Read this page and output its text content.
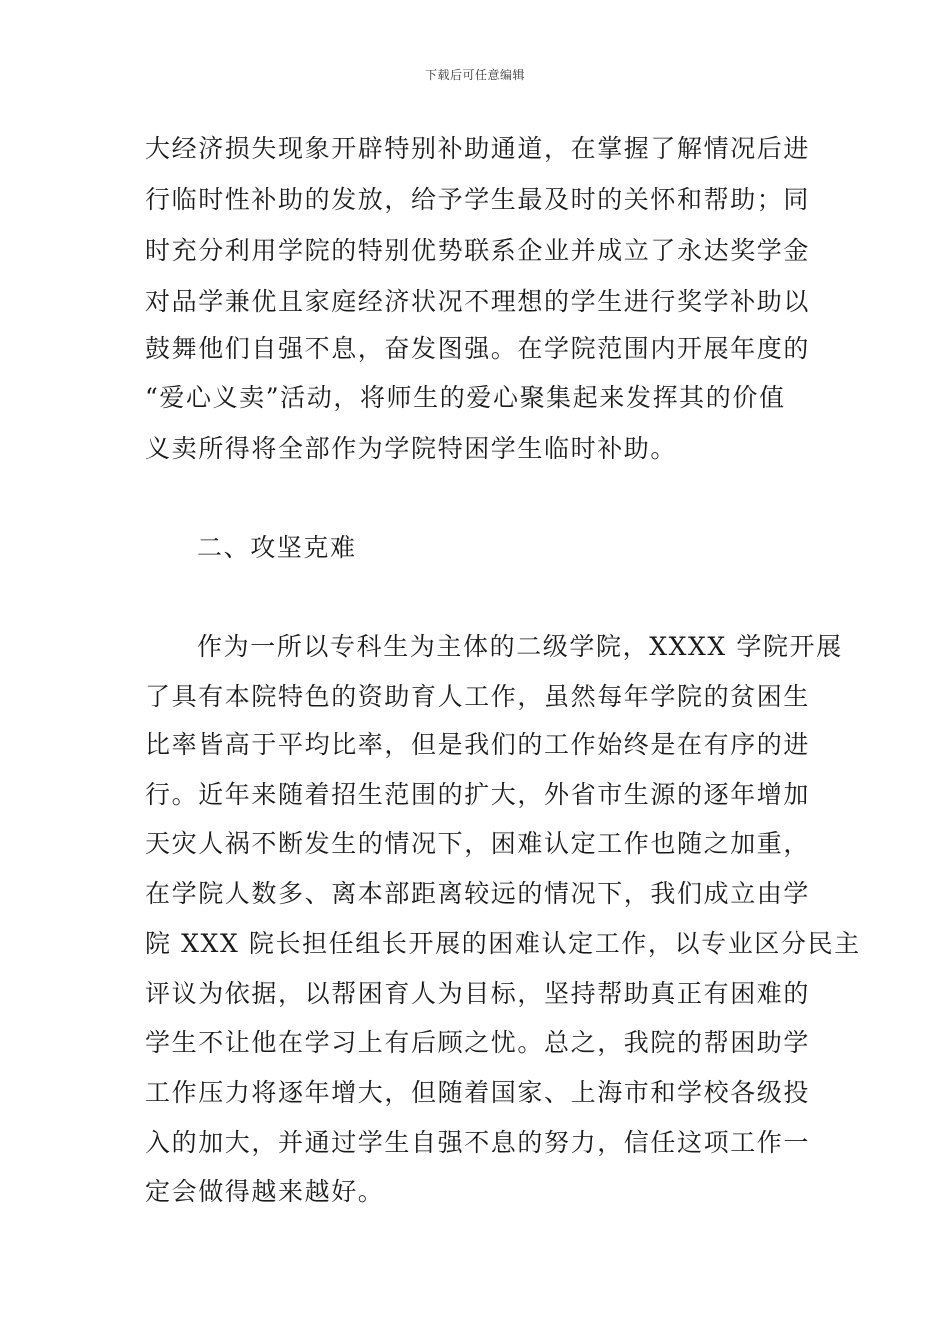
下载后可任意编辑
大经济损失现象开辟特别补助通道，在掌握了解情况后进
行临时性补助的发放，给予学生最及时的关怀和帮助；同
时充分利用学院的特别优势联系企业并成立了永达奖学金
对品学兼优且家庭经济状况不理想的学生进行奖学补助以
鼓舞他们自强不息，奋发图强。在学院范围内开展年度的
“爱心义卖”活动，将师生的爱心聚集起来发挥其的价值
义卖所得将全部作为学院特困学生临时补助。
二、攻坚克难
作为一所以专科生为主体的二级学院，XXXX 学院开展
了具有本院特色的资助育人工作，虽然每年学院的贫困生
比率皆高于平均比率，但是我们的工作始终是在有序的进
行。近年来随着招生范围的扩大，外省市生源的逐年增加
天灾人祸不断发生的情况下，困难认定工作也随之加重，
在学院人数多、离本部距离较远的情况下，我们成立由学
院 XXX 院长担任组长开展的困难认定工作，以专业区分民主
评议为依据，以帮困育人为目标，坚持帮助真正有困难的
学生不让他在学习上有后顾之忧。总之，我院的帮困助学
工作压力将逐年增大，但随着国家、上海市和学校各级投
入的加大，并通过学生自强不息的努力，信任这项工作一
定会做得越来越好。
